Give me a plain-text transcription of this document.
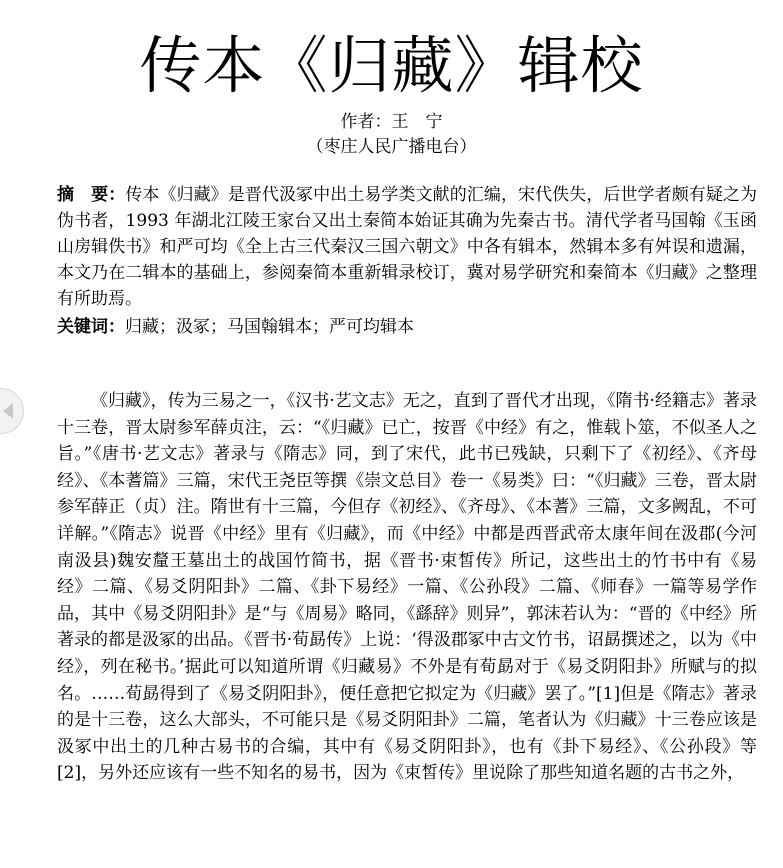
传本《归藏》辑校
作者：王　宁
（枣庄人民广播电台）

摘　要：传本《归藏》是晋代汲冢中出土易学类文献的汇编，宋代佚失，后世学者颇有疑之为伪书者，1993 年湖北江陵王家台又出土秦简本始证其确为先秦古书。清代学者马国翰《玉函山房辑佚书》和严可均《全上古三代秦汉三国六朝文》中各有辑本，然辑本多有舛误和遗漏，本文乃在二辑本的基础上，参阅秦简本重新辑录校订，冀对易学研究和秦简本《归藏》之整理有所助焉。

关键词：归藏；汲冢；马国翰辑本；严可均辑本

《归藏》，传为三易之一，《汉书·艺文志》无之，直到了晋代才出现，《隋书·经籍志》著录十三卷，晋太尉参军薛贞注，云：“《归藏》已亡，按晋《中经》有之，惟载卜筮，不似圣人之旨。”《唐书·艺文志》著录与《隋志》同，到了宋代，此书已残缺，只剩下了《初经》、《齐母经》、《本蓍篇》三篇，宋代王尧臣等撰《崇文总目》卷一《易类》曰：“《归藏》三卷，晋太尉参军薛正（贞）注。隋世有十三篇，今但存《初经》、《齐母》、《本蓍》三篇，文多阙乱，不可详解。”《隋志》说晋《中经》里有《归藏》，而《中经》中都是西晋武帝太康年间在汲郡(今河南汲县)魏安釐王墓出土的战国竹简书，据《晋书·束皙传》所记，这些出土的竹书中有《易经》二篇、《易爻阴阳卦》二篇、《卦下易经》一篇、《公孙段》二篇、《师春》一篇等易学作品，其中《易爻阴阳卦》是“与《周易》略同，《繇辞》则异”，郭沫若认为：“晋的《中经》所著录的都是汲冢的出品。《晋书·荀勗传》上说：‘得汲郡冢中古文竹书，诏勗撰述之，以为《中经》，列在秘书。’据此可以知道所谓《归藏易》不外是有荀勗对于《易爻阴阳卦》所赋与的拟名。……荀勗得到了《易爻阴阳卦》，便任意把它拟定为《归藏》罢了。”[1]但是《隋志》著录的是十三卷，这么大部头，不可能只是《易爻阴阳卦》二篇，笔者认为《归藏》十三卷应该是汲冢中出土的几种古易书的合编，其中有《易爻阴阳卦》，也有《卦下易经》、《公孙段》等[2]，另外还应该有一些不知名的易书，因为《束皙传》里说除了那些知道名题的古书之外，
